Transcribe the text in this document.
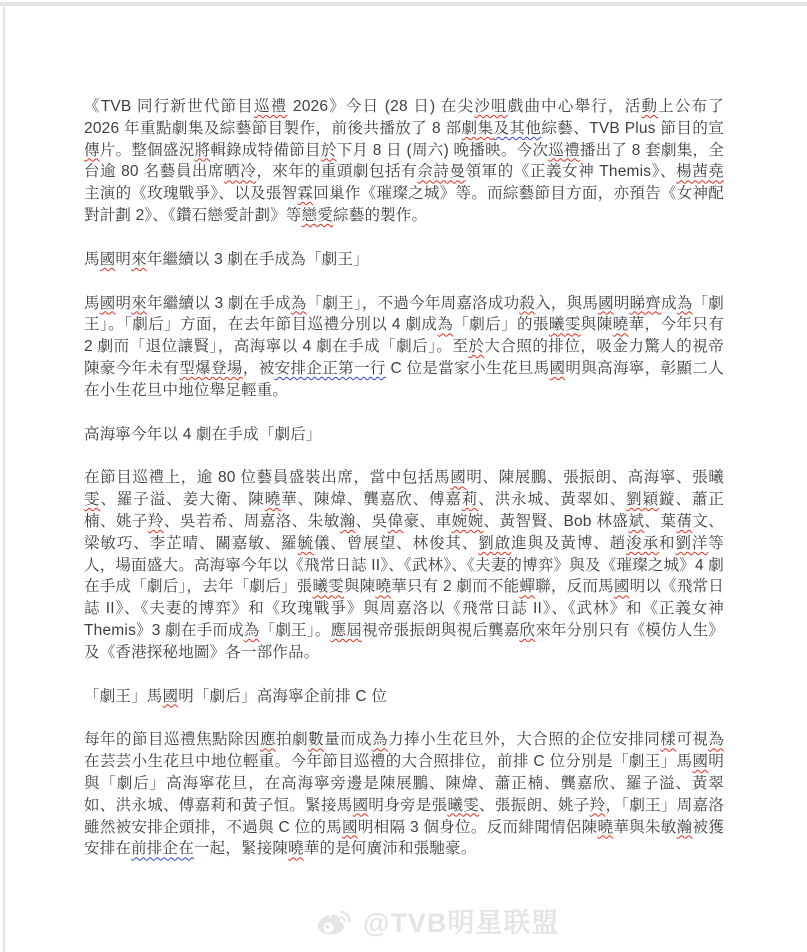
《TVB 同行新世代節目巡禮 2026》今日 (28 日) 在尖沙咀戲曲中心舉行，活動上公布了 2026 年重點劇集及綜藝節目製作，前後共播放了 8 部劇集及其他綜藝、TVB Plus 節目的宣傳片。整個盛況將輯錄成特備節目於下月 8 日 (周六) 晚播映。今次巡禮播出了 8 套劇集，全台逾 80 名藝員出席晒冷，來年的重頭劇包括有佘詩曼領軍的《正義女神 Themis》、楊茜堯主演的《玫瑰戰爭》、以及張智霖回巢作《璀璨之城》等。而綜藝節目方面，亦預告《女神配對計劃 2》、《鑽石戀愛計劃》等戀愛綜藝的製作。

馬國明來年繼續以 3 劇在手成為「劇王」

馬國明來年繼續以 3 劇在手成為「劇王」，不過今年周嘉洛成功殺入，與馬國明睇齊成為「劇王」。「劇后」方面，在去年節目巡禮分別以 4 劇成為「劇后」的張曦雯與陳曉華，今年只有 2 劇而「退位讓賢」，高海寧以 4 劇在手成「劇后」。至於大合照的排位，吸金力驚人的視帝陳豪今年未有型爆登場，被安排企正第一行 C 位是當家小生花旦馬國明與高海寧，彰顯二人在小生花旦中地位舉足輕重。

高海寧今年以 4 劇在手成「劇后」

在節目巡禮上，逾 80 位藝員盛裝出席，當中包括馬國明、陳展鵬、張振朗、高海寧、張曦雯、羅子溢、姜大衛、陳曉華、陳煒、龔嘉欣、傅嘉莉、洪永城、黃翠如、劉穎鏇、蕭正楠、姚子羚、吳若希、周嘉洛、朱敏瀚、吳偉豪、車婉婉、黃智賢、Bob 林盛斌、葉蒨文、梁敏巧、李芷晴、關嘉敏、羅毓儀、曾展望、林俊其、劉啟進與及黃博、趙浚承和劉洋等人，場面盛大。高海寧今年以《飛常日誌 II》、《武林》、《夫妻的博弈》與及《璀璨之城》4 劇在手成「劇后」，去年「劇后」張曦雯與陳曉華只有 2 劇而不能蟬聯，反而馬國明以《飛常日誌 II》、《夫妻的博弈》和《玫瑰戰爭》與周嘉洛以《飛常日誌 II》、《武林》和《正義女神 Themis》3 劇在手而成為「劇王」。應屆視帝張振朗與視后龔嘉欣來年分別只有《模仿人生》及《香港探秘地圖》各一部作品。

「劇王」馬國明「劇后」高海寧企前排 C 位

每年的節目巡禮焦點除因應拍劇數量而成為力捧小生花旦外，大合照的企位安排同樣可視為在芸芸小生花旦中地位輕重。今年節目巡禮的大合照排位，前排 C 位分別是「劇王」馬國明與「劇后」高海寧花旦，在高海寧旁邊是陳展鵬、陳煒、蕭正楠、龔嘉欣、羅子溢、黃翠如、洪永城、傅嘉莉和黃子恒。緊接馬國明身旁是張曦雯、張振朗、姚子羚，「劇王」周嘉洛雖然被安排企頭排，不過與 C 位的馬國明相隔 3 個身位。反而緋聞情侶陳曉華與朱敏瀚被獲安排在前排企在一起，緊接陳曉華的是何廣沛和張馳豪。

@TVB明星联盟
